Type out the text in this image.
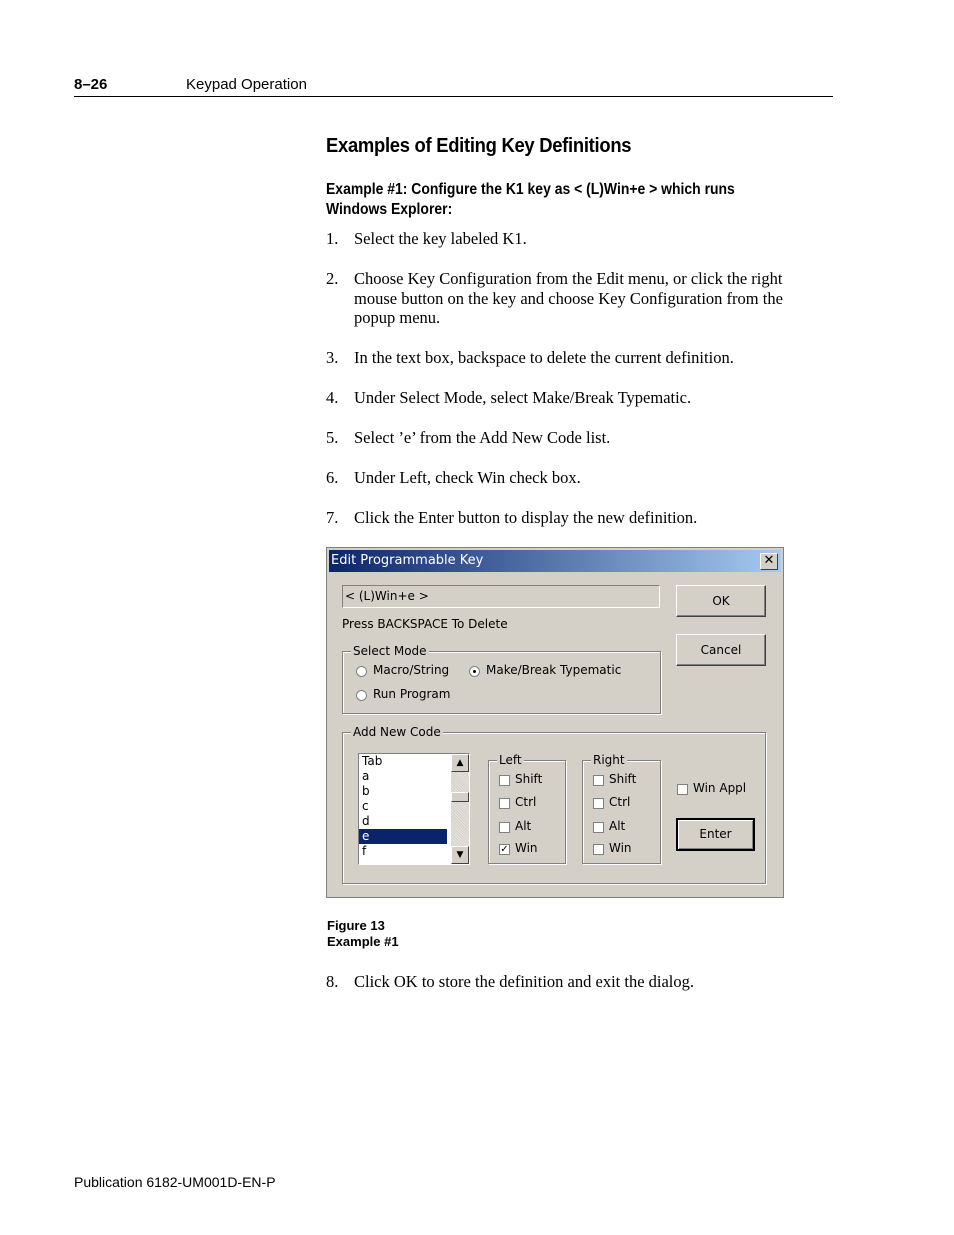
8–26	Keypad Operation
Examples of Editing Key Definitions
Example #1: Configure the K1 key as < (L)Win+e > which runs Windows Explorer:
1. Select the key labeled K1.
2. Choose Key Configuration from the Edit menu, or click the right mouse button on the key and choose Key Configuration from the popup menu.
3. In the text box, backspace to delete the current definition.
4. Under Select Mode, select Make/Break Typematic.
5. Select ’e’ from the Add New Code list.
6. Under Left, check Win check box.
7. Click the Enter button to display the new definition.
Edit Programmable Key	✕
< (L)Win+e >
Press BACKSPACE To Delete
OK
Cancel
Select Mode
Macro/String	Make/Break Typematic
Run Program
Add New Code
Tab
a
b
c
d
e
f
▲
▼
Left
Shift
Ctrl
Alt
✓ Win
Right
Shift
Ctrl
Alt
Win
Win Appl
Enter
Figure 13
Example #1
8. Click OK to store the definition and exit the dialog.
Publication 6182-UM001D-EN-P
